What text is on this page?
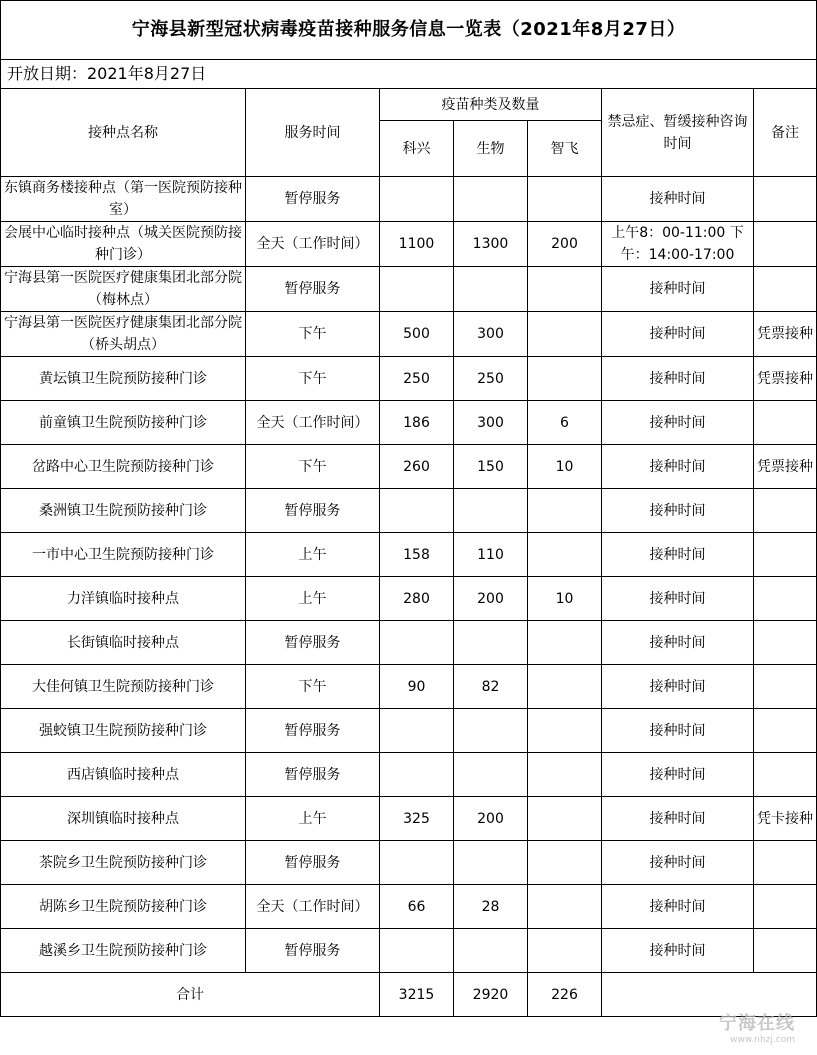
宁海县新型冠状病毒疫苗接种服务信息一览表（2021年8月27日）						
开放日期：2021年8月27日						
接种点名称	服务时间	疫苗种类及数量			禁忌症、暂缓接种咨询时间	备注
		科兴	生物	智飞		
东镇商务楼接种点（第一医院预防接种室）	暂停服务				接种时间	
会展中心临时接种点（城关医院预防接种门诊）	全天（工作时间）	1100	1300	200	上午8：00-11:00 下午：14:00-17:00	
宁海县第一医院医疗健康集团北部分院（梅林点）	暂停服务				接种时间	
宁海县第一医院医疗健康集团北部分院（桥头胡点）	下午	500	300		接种时间	凭票接种
黄坛镇卫生院预防接种门诊	下午	250	250		接种时间	凭票接种
前童镇卫生院预防接种门诊	全天（工作时间）	186	300	6	接种时间	
岔路中心卫生院预防接种门诊	下午	260	150	10	接种时间	凭票接种
桑洲镇卫生院预防接种门诊	暂停服务				接种时间	
一市中心卫生院预防接种门诊	上午	158	110		接种时间	
力洋镇临时接种点	上午	280	200	10	接种时间	
长街镇临时接种点	暂停服务				接种时间	
大佳何镇卫生院预防接种门诊	下午	90	82		接种时间	
强蛟镇卫生院预防接种门诊	暂停服务				接种时间	
西店镇临时接种点	暂停服务				接种时间	
深圳镇临时接种点	上午	325	200		接种时间	凭卡接种
茶院乡卫生院预防接种门诊	暂停服务				接种时间	
胡陈乡卫生院预防接种门诊	全天（工作时间）	66	28		接种时间	
越溪乡卫生院预防接种门诊	暂停服务				接种时间	
合计		3215	2920	226		
宁海在线
www.nhzj.com
